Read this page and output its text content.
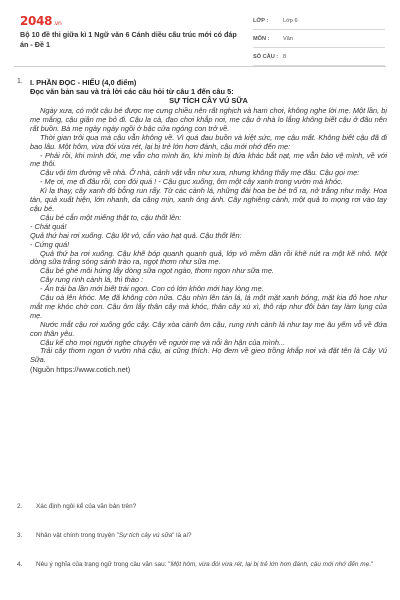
2048.vn
Bộ 10 đề thi giữa kì 1 Ngữ văn 6 Cánh diều cấu trúc mới có đáp án - Đề 1
LỚP :	Lớp 6
MÔN :	Văn
SỐ CÂU : 8
1. I. PHẦN ĐỌC - HIỂU (4,0 điểm)
Đọc văn bản sau và trả lời các câu hỏi từ câu 1 đến câu 5:
SỰ TÍCH CÂY VÚ SỮA

Ngày xưa, có một cậu bé được mẹ cưng chiều nên rất nghịch và ham chơi, không nghe lời mẹ. Một lần, bị mẹ mắng, cậu giận mẹ bỏ đi. Cậu la cà, đạo chơi khắp nơi, mẹ cậu ở nhà lo lắng không biết cậu ở đâu nên rất buồn. Bà mẹ ngày ngày ngồi ở bậc cửa ngóng con trở về.

Thời gian trôi qua mà cậu vẫn không về. Vì quá đau buồn và kiệt sức, mẹ cậu mất. Không biết cậu đã đi bao lâu. Một hôm, vừa đói vừa rét, lại bị trẻ lớn hơn đánh, cậu mới nhớ đến mẹ:

- Phải rồi, khi mình đói, mẹ vẫn cho mình ăn, khi mình bị đứa khác bắt nạt, mẹ vẫn bảo vệ mình, về với mẹ thôi.

Cậu vội tìm đường về nhà. Ở nhà, cảnh vật vẫn như xưa, nhưng không thấy mẹ đâu. Cậu gọi mẹ:

- Mẹ ơi, mẹ đi đâu rồi, con đói quá ! - Cậu gục xuống, ôm một cây xanh trong vườn mà khóc.

Kì lạ thay, cây xanh đó bỗng run rẩy. Từ các cành lá, những đài hoa be bé trổ ra, nở trắng như mây. Hoa tàn, quả xuất hiện, lớn nhanh, da căng mịn, xanh óng ánh. Cây nghiêng cành, một quả to mọng rơi vào tay cậu bé.

Cậu bé cắn một miếng thật to, cậu thốt lên:

- Chát quá!

Quả thứ hai rơi xuống. Cậu lột vỏ, cắn vào hạt quả. Cậu thốt lên:

- Cứng quá!

Quả thứ ba rơi xuống. Cậu khẽ bóp quanh quanh quả, lớp vỏ mềm dần rồi khẽ nứt ra một kẽ nhỏ. Một dòng sữa trắng sóng sánh trào ra, ngọt thơm như sữa mẹ.

Cậu bé ghé môi hứng lấy dòng sữa ngọt ngào, thơm ngon như sữa mẹ.

Cây rung rinh cành lá, thì thào :

- Ăn trái ba lần mới biết trái ngon. Con có lớn khôn mới hay lòng mẹ.

Cậu oà lên khóc. Mẹ đã không còn nữa. Cậu nhìn lên tán lá, lá một mặt xanh bóng, mặt kia đỏ hoe như mắt mẹ khóc chờ con. Cậu ôm lấy thân cây mà khóc, thân cây xù xì, thô ráp như đôi bàn tay làm lụng của mẹ.

Nước mắt cậu rơi xuống gốc cây. Cây xòa cành ôm cậu, rung rinh cành lá như tay mẹ âu yếm vỗ về đứa con thân yêu.

Cậu kể cho mọi người nghe chuyện về người mẹ và nỗi ân hận của mình...

Trải cây thơm ngon ở vườn nhà cậu, ai cũng thích. Họ đem về gieo trồng khắp nơi và đặt tên là Cây Vú Sữa.

(Nguồn https://www.cotich.net)
2. Xác định ngôi kể của văn bản trên?
3. Nhân vật chính trong truyện "Sự tích cây vú sữa" là ai?
4. Nêu ý nghĩa của trạng ngữ trong câu văn sau: "Một hôm, vừa đói vừa rét, lại bị trẻ lớn hơn đánh, cậu mới nhớ đến mẹ."
